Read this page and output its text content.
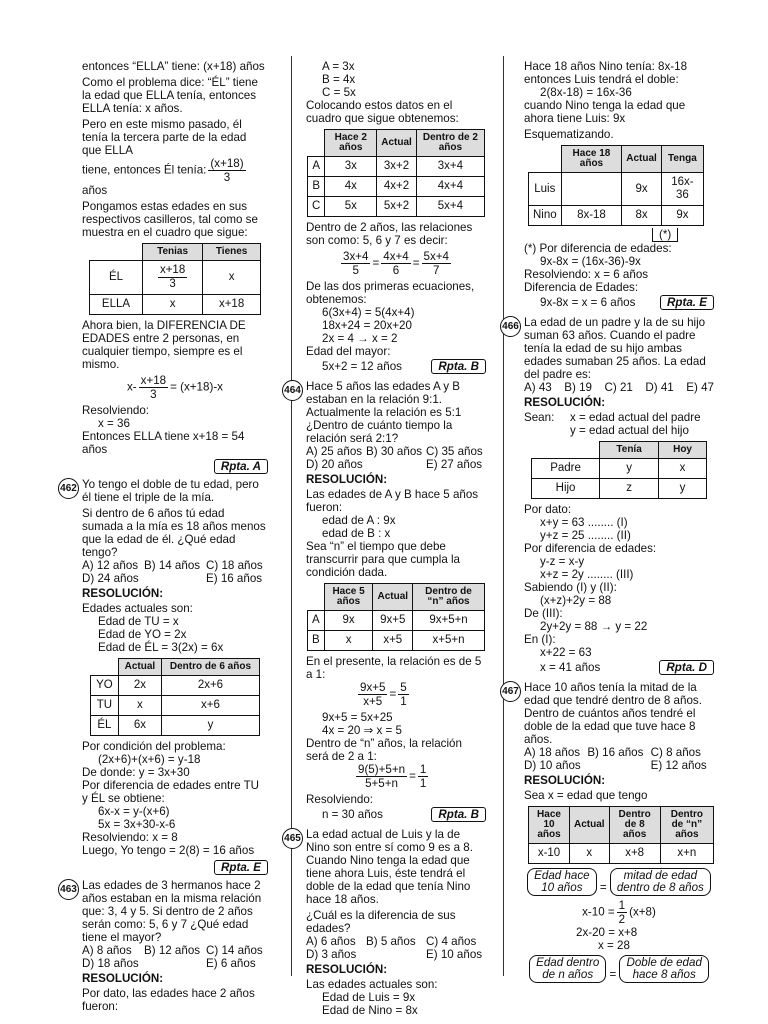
entonces “ELLA” tiene: (x+18) años
Como el problema dice: “ÉL” tiene la edad que ELLA tenía, entonces ELLA tenía: x años.
Pero en este mismo pasado, él tenía la tercera parte de la edad que ELLA
tiene, entonces Él tenía: $\frac{(x+18)}{3}$
años
Pongamos estas edades en sus respectivos casilleros, tal como se muestra en el cuadro que sigue:
	Tenias	Tienes
ÉL	$\frac{x+18}{3}$	x
ELLA	x	x+18
Ahora bien, la DIFERENCIA DE EDADES entre 2 personas, en cualquier tiempo, siempre es el mismo.
$x- \frac{x+18}{3} = (x+18)-x$
Resolviendo:
x = 36
Entonces ELLA tiene x+18 = 54 años
Rpta. A
462 Yo tengo el doble de tu edad, pero él tiene el triple de la mía.
Si dentro de 6 años tú edad sumada a la mía es 18 años menos que la edad de él. ¿Qué edad tengo?
A) 12 años B) 14 años C) 18 años
D) 24 años	E) 16 años
RESOLUCIÓN:
Edades actuales son:
Edad de TU = x
Edad de YO = 2x
Edad de ÉL = 3(2x) = 6x
	Actual	Dentro de 6 años
YO	2x	2x+6
TU	x	x+6
ÉL	6x	y
Por condición del problema:
(2x+6)+(x+6) = y-18
De donde: y = 3x+30
Por diferencia de edades entre TU y ÉL se obtiene:
6x-x = y-(x+6)
5x = 3x+30-x-6
Resolviendo: x = 8
Luego, Yo tengo = 2(8) = 16 años
Rpta. E
463 Las edades de 3 hermanos hace 2 años estaban en la misma relación que: 3, 4 y 5. Si dentro de 2 años serán como: 5, 6 y 7 ¿Qué edad tiene el mayor?
A) 8 años	B) 12 años C) 14 años
D) 18 años	E) 6 años
RESOLUCIÓN:
Por dato, las edades hace 2 años fueron:
A = 3x
B = 4x
C = 5x
Colocando estos datos en el cuadro que sigue obtenemos:
	Hace 2 años	Actual	Dentro de 2 años
A	3x	3x+2	3x+4
B	4x	4x+2	4x+4
C	5x	5x+2	5x+4
Dentro de 2 años, las relaciones son como: 5, 6 y 7 es decir:
$\frac{3x+4}{5} = \frac{4x+4}{6} = \frac{5x+4}{7}$
De las dos primeras ecuaciones, obtenemos:
6(3x+4) = 5(4x+4)
18x+24 = 20x+20
2x = 4 → x = 2
Edad del mayor:
5x+2 = 12 años	Rpta. B
464 Hace 5 años las edades A y B estaban en la relación 9:1. Actualmente la relación es 5:1 ¿Dentro de cuánto tiempo la relación será 2:1?
A) 25 años B) 30 años C) 35 años
D) 20 años	E) 27 años
RESOLUCIÓN:
Las edades de A y B hace 5 años fueron:
edad de A : 9x
edad de B : x
Sea “n” el tiempo que debe transcurrir para que cumpla la condición dada.
	Hace 5 años	Actual	Dentro de “n” años
A	9x	9x+5	9x+5+n
B	x	x+5	x+5+n
En el presente, la relación es de 5 a 1:
$\frac{9x+5}{x+5} = \frac{5}{1}$
9x+5 = 5x+25
4x = 20 ⇒ x = 5
Dentro de “n” años, la relación será de 2 a 1:
$\frac{9(5)+5+n}{5+5+n} = \frac{1}{1}$
Resolviendo:
n = 30 años	Rpta. B
465 La edad actual de Luis y la de Nino son entre sí como 9 es a 8. Cuando Nino tenga la edad que tiene ahora Luis, éste tendrá el doble de la edad que tenía Nino hace 18 años.
¿Cuál es la diferencia de sus edades?
A) 6 años B) 5 años C) 4 años
D) 3 años	E) 10 años
RESOLUCIÓN:
Las edades actuales son:
Edad de Luis = 9x
Edad de Nino = 8x
Hace 18 años Nino tenía: 8x-18
entonces Luis tendrá el doble:
2(8x-18) = 16x-36
cuando Nino tenga la edad que ahora tiene Luis: 9x
Esquematizando.
	Hace 18 años	Actual	Tenga
Luis		9x	16x-36
Nino	8x-18	8x	9x
(*)
(*) Por diferencia de edades:
9x-8x = (16x-36)-9x
Resolviendo: x = 6 años
Diferencia de Edades:
9x-8x = x = 6 años	Rpta. E
466 La edad de un padre y la de su hijo suman 63 años. Cuando el padre tenía la edad de su hijo ambas edades sumaban 25 años. La edad del padre es:
A) 43 B) 19 C) 21 D) 41 E) 47
RESOLUCIÓN:
Sean:	x = edad actual del padre
y = edad actual del hijo
	Tenía	Hoy
Padre	y	x
Hijo	z	y
Por dato:
x+y = 63 ........ (I)
y+z = 25 ........ (II)
Por diferencia de edades:
y-z = x-y
x+z = 2y ........ (III)
Sabiendo (I) y (II):
(x+z)+2y = 88
De (III):
2y+2y = 88 → y = 22
En (I):
x+22 = 63
x = 41 años	Rpta. D
467 Hace 10 años tenía la mitad de la edad que tendré dentro de 8 años. Dentro de cuántos años tendré el doble de la edad que tuve hace 8 años.
A) 18 años B) 16 años C) 8 años
D) 10 años	E) 12 años
RESOLUCIÓN:
Sea x = edad que tengo
Hace 10 años	Actual	Dentro de 8 años	Dentro de “n” años
x-10	x	x+8	x+n
Edad hace
10 años	=
mitad de edad
dentro de 8 años
$x-10 = \frac{1}{2} (x+8)$
2x-20 = x+8
x = 28
Edad dentro
de n años	=
Doble de edad
hace 8 años
